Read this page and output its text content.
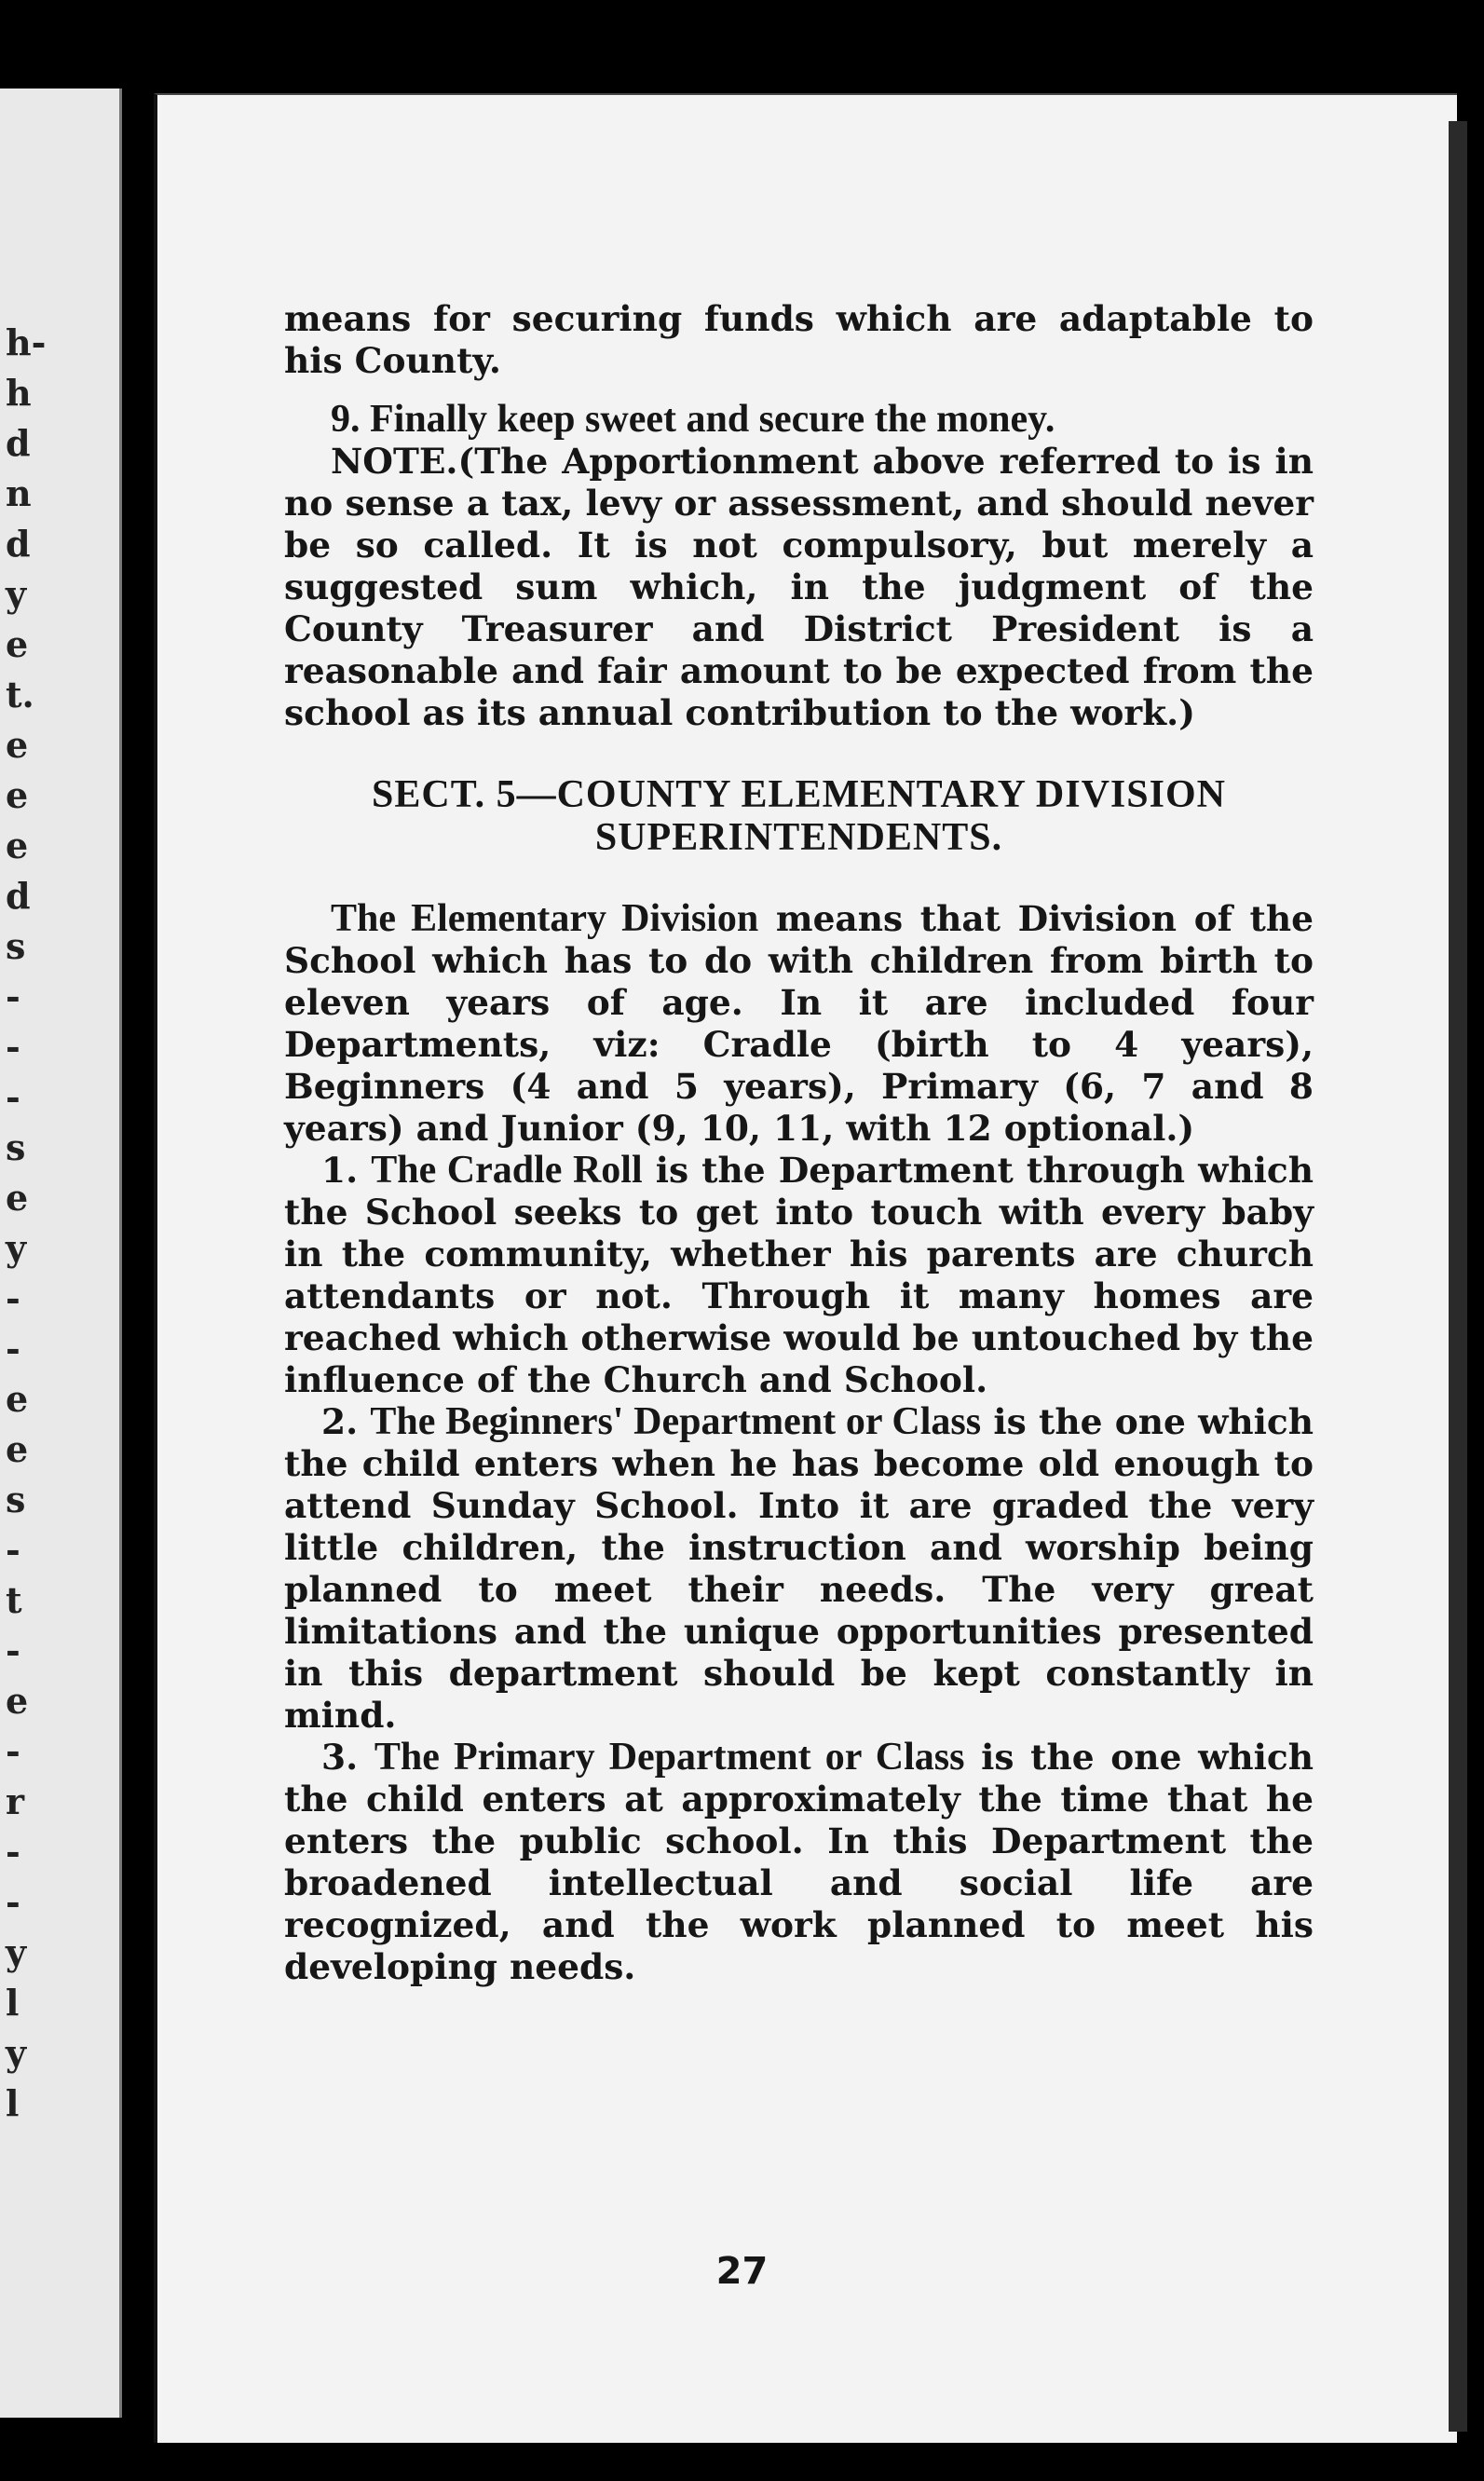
h-
h
d
n
d
y
e
t.
e
e
e
d
s
-
-
-
s
e
y
-
-
e
e
s
-
t
-
e
-
r
-
-
y
l
y
l

means for securing funds which are adaptable to his County.

9. Finally keep sweet and secure the money.

NOTE.(The Apportionment above referred to is in no sense a tax, levy or assessment, and should never be so called. It is not compulsory, but merely a suggested sum which, in the judgment of the County Treasurer and District President is a reasonable and fair amount to be expected from the school as its annual contribution to the work.)

SECT. 5—COUNTY ELEMENTARY DIVISION

SUPERINTENDENTS.

The Elementary Division means that Division of the School which has to do with children from birth to eleven years of age. In it are included four Departments, viz: Cradle (birth to 4 years), Beginners (4 and 5 years), Primary (6, 7 and 8 years) and Junior (9, 10, 11, with 12 optional.)

1. The Cradle Roll is the Department through which the School seeks to get into touch with every baby in the community, whether his parents are church attendants or not. Through it many homes are reached which otherwise would be untouched by the influence of the Church and School.

2. The Beginners' Department or Class is the one which the child enters when he has become old enough to attend Sunday School. Into it are graded the very little children, the instruction and worship being planned to meet their needs. The very great limitations and the unique opportunities presented in this department should be kept constantly in mind.

3. The Primary Department or Class is the one which the child enters at approximately the time that he enters the public school. In this Department the broadened intellectual and social life are recognized, and the work planned to meet his developing needs.

27
